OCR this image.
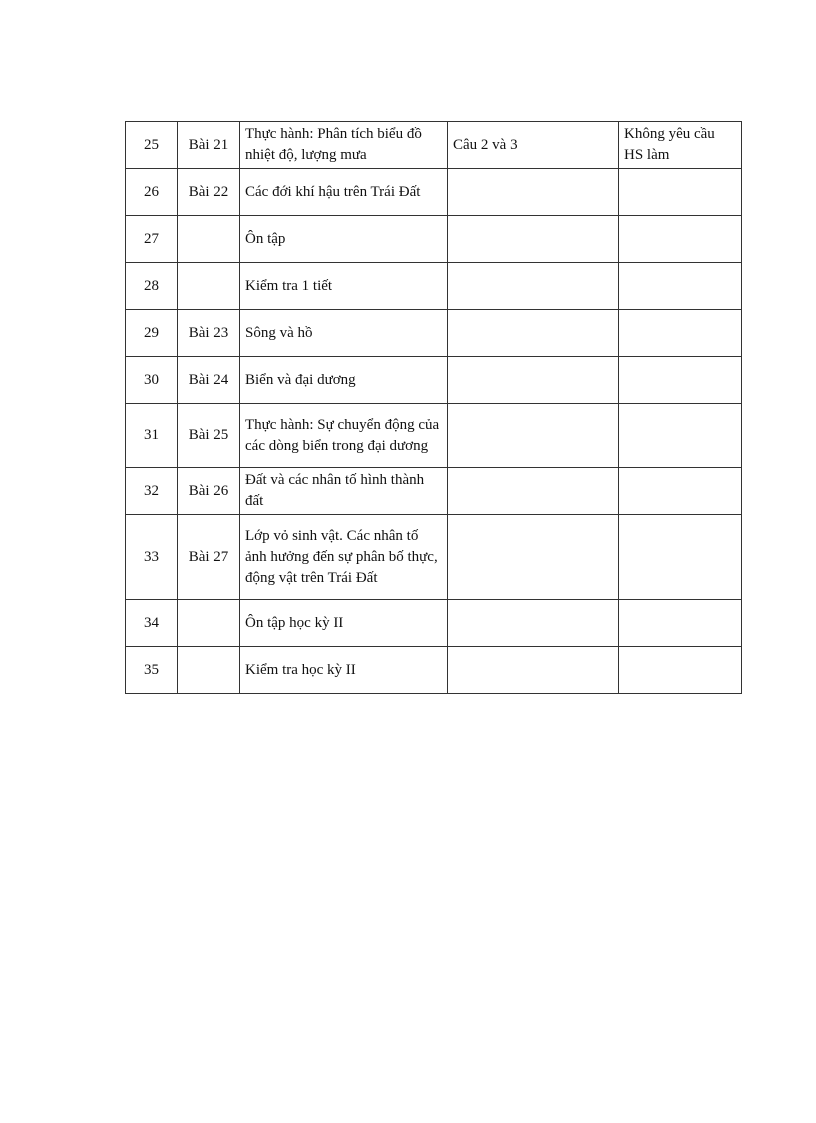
25	Bài 21	Thực hành: Phân tích biểu đồ nhiệt độ, lượng mưa	Câu 2 và 3	Không yêu cầu HS làm
26	Bài 22	Các đới khí hậu trên Trái Đất		
27		Ôn tập		
28		Kiểm tra 1 tiết		
29	Bài 23	Sông và hồ		
30	Bài 24	Biển và đại dương		
31	Bài 25	Thực hành: Sự chuyển động của các dòng biển trong đại dương		
32	Bài 26	Đất và các nhân tố hình thành đất		
33	Bài 27	Lớp vỏ sinh vật. Các nhân tố ảnh hưởng đến sự phân bố thực, động vật trên Trái Đất		
34		Ôn tập học kỳ II		
35		Kiểm tra học kỳ II		
